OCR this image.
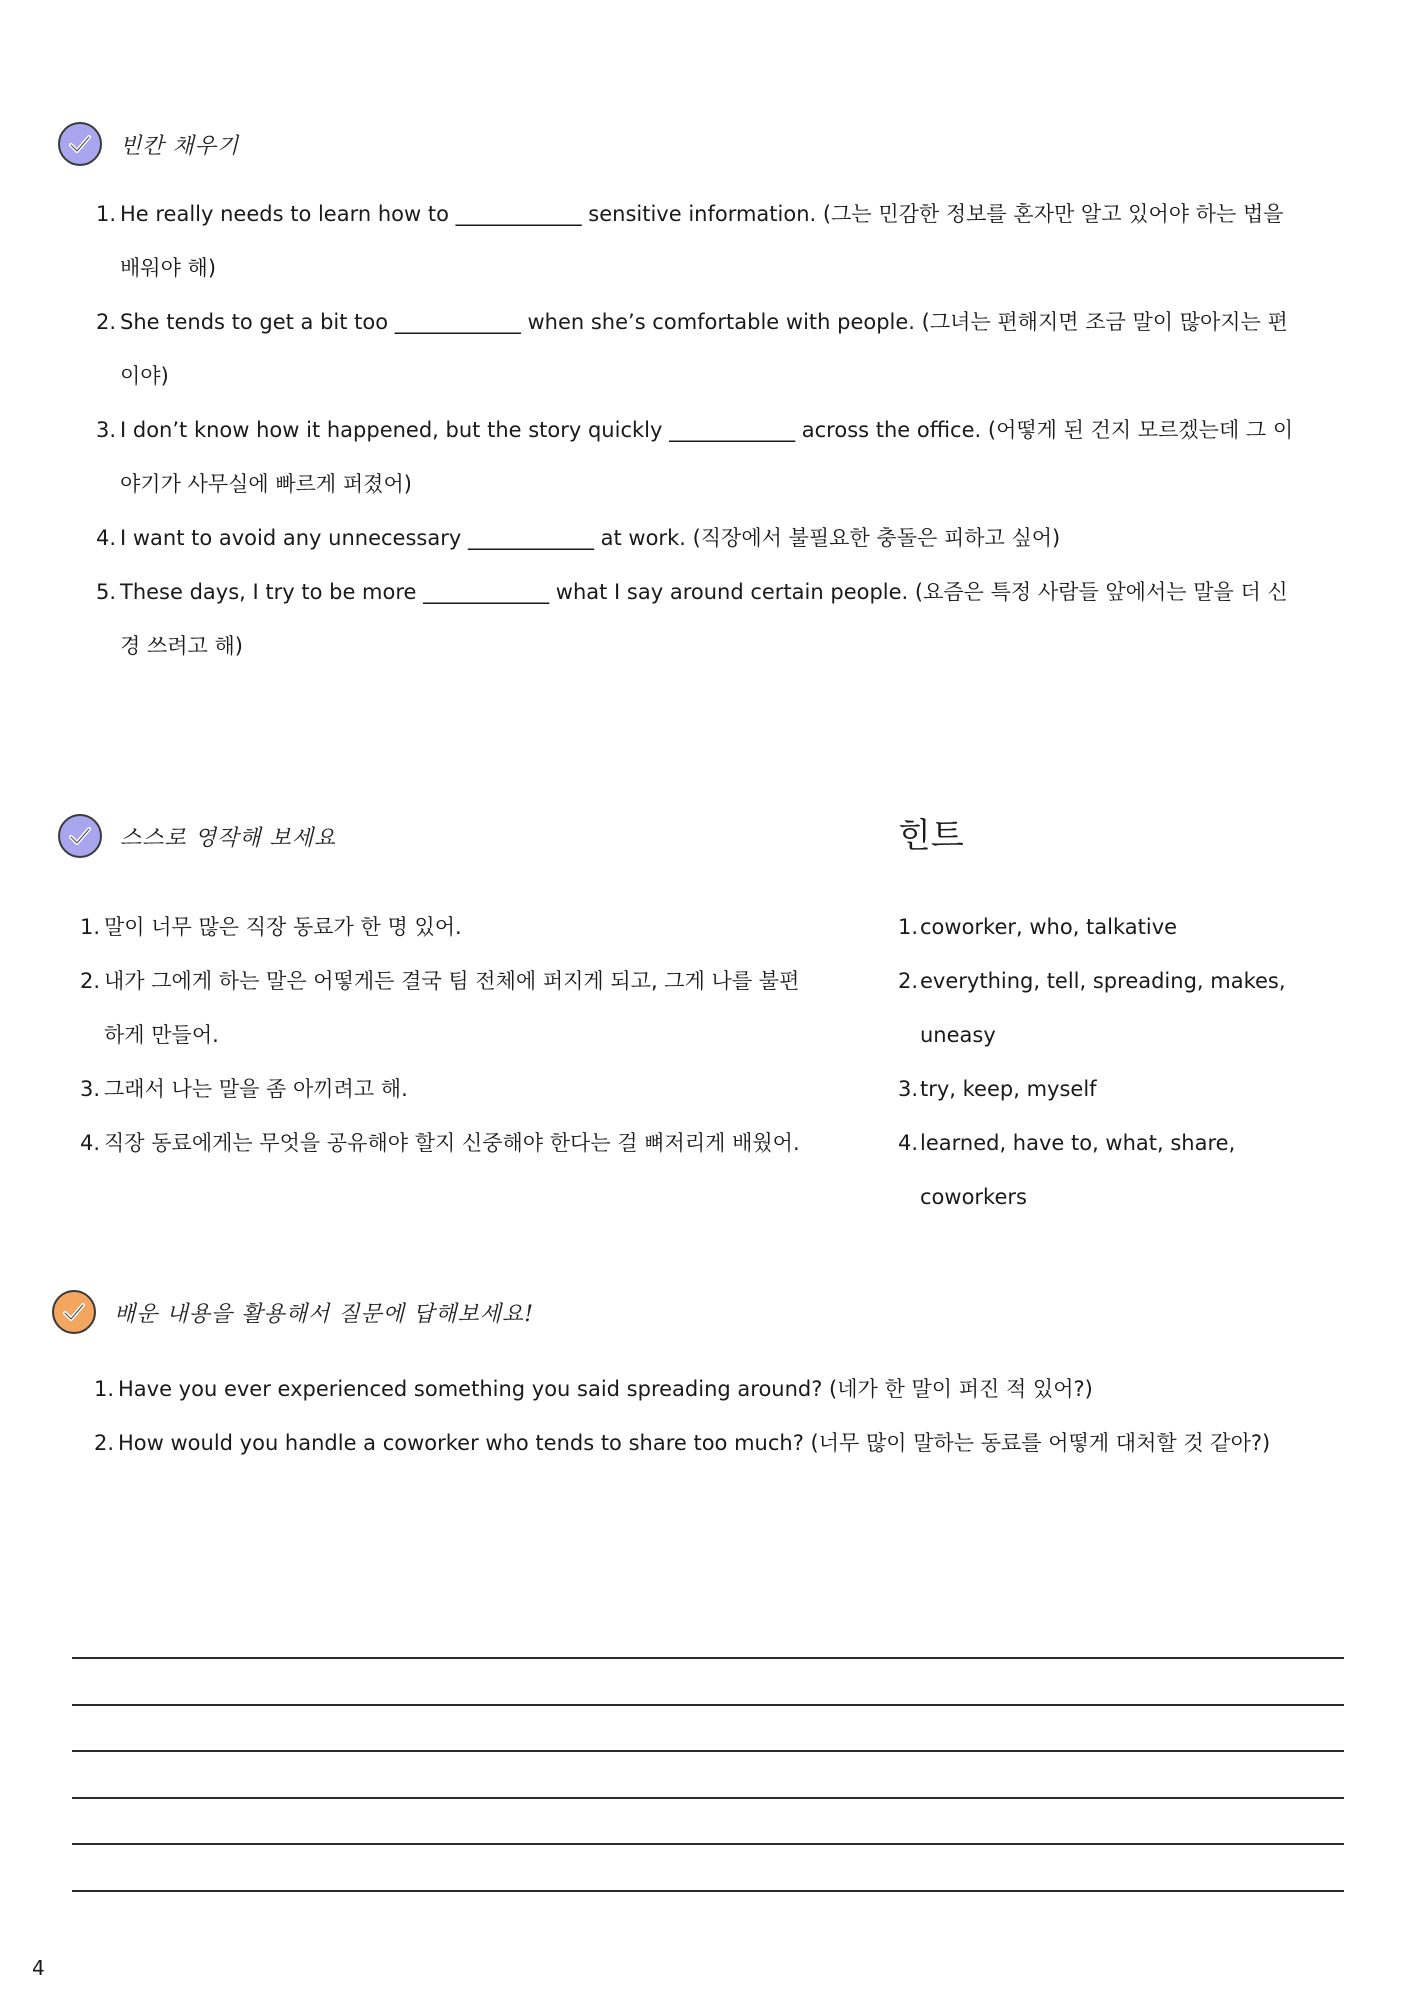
빈칸 채우기
1. He really needs to learn how to ____________ sensitive information. (그는 민감한 정보를 혼자만 알고 있어야 하는 법을 배워야 해)
2. She tends to get a bit too ____________ when she’s comfortable with people. (그녀는 편해지면 조금 말이 많아지는 편이야)
3. I don’t know how it happened, but the story quickly ____________ across the office. (어떻게 된 건지 모르겠는데 그 이야기가 사무실에 빠르게 퍼졌어)
4. I want to avoid any unnecessary ____________ at work. (직장에서 불필요한 충돌은 피하고 싶어)
5. These days, I try to be more ____________ what I say around certain people. (요즘은 특정 사람들 앞에서는 말을 더 신경 쓰려고 해)
스스로 영작해 보세요
1. 말이 너무 많은 직장 동료가 한 명 있어.
2. 내가 그에게 하는 말은 어떻게든 결국 팀 전체에 퍼지게 되고, 그게 나를 불편하게 만들어.
3. 그래서 나는 말을 좀 아끼려고 해.
4. 직장 동료에게는 무엇을 공유해야 할지 신중해야 한다는 걸 뼈저리게 배웠어.
힌트
1. coworker, who, talkative
2. everything, tell, spreading, makes, uneasy
3. try, keep, myself
4. learned, have to, what, share, coworkers
배운 내용을 활용해서 질문에 답해보세요!
1. Have you ever experienced something you said spreading around? (네가 한 말이 퍼진 적 있어?)
2. How would you handle a coworker who tends to share too much? (너무 많이 말하는 동료를 어떻게 대처할 것 같아?)
4
